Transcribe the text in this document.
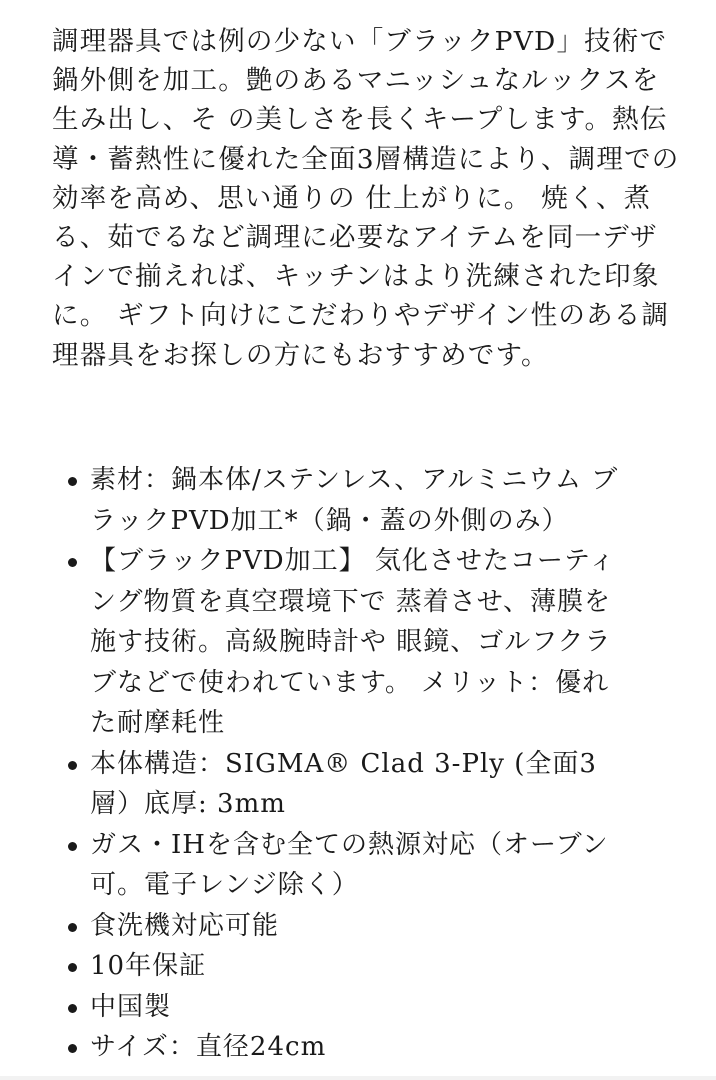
調理器具では例の少ない「ブラックPVD」技術で鍋外側を加工。艶のあるマニッシュなルックスを生み出し、そ の美しさを長くキープします。熱伝導・蓄熱性に優れた全面3層構造により、調理での効率を高め、思い通りの 仕上がりに。 焼く、煮る、茹でるなど調理に必要なアイテムを同一デザインで揃えれば、キッチンはより洗練された印象に。 ギフト向けにこだわりやデザイン性のある調理器具をお探しの方にもおすすめです。

素材：鍋本体/ステンレス、アルミニウム ブラックPVD加工*（鍋・蓋の外側のみ）
【ブラックPVD加工】 気化させたコーティング物質を真空環境下で 蒸着させ、薄膜を施す技術。高級腕時計や 眼鏡、ゴルフクラブなどで使われています。 メリット：優れた耐摩耗性
本体構造：SIGMA® Clad 3-Ply (全面3層）底厚: 3mm
ガス・IHを含む全ての熱源対応（オーブン可。電子レンジ除く）
食洗機対応可能
10年保証
中国製
サイズ：直径24cm
